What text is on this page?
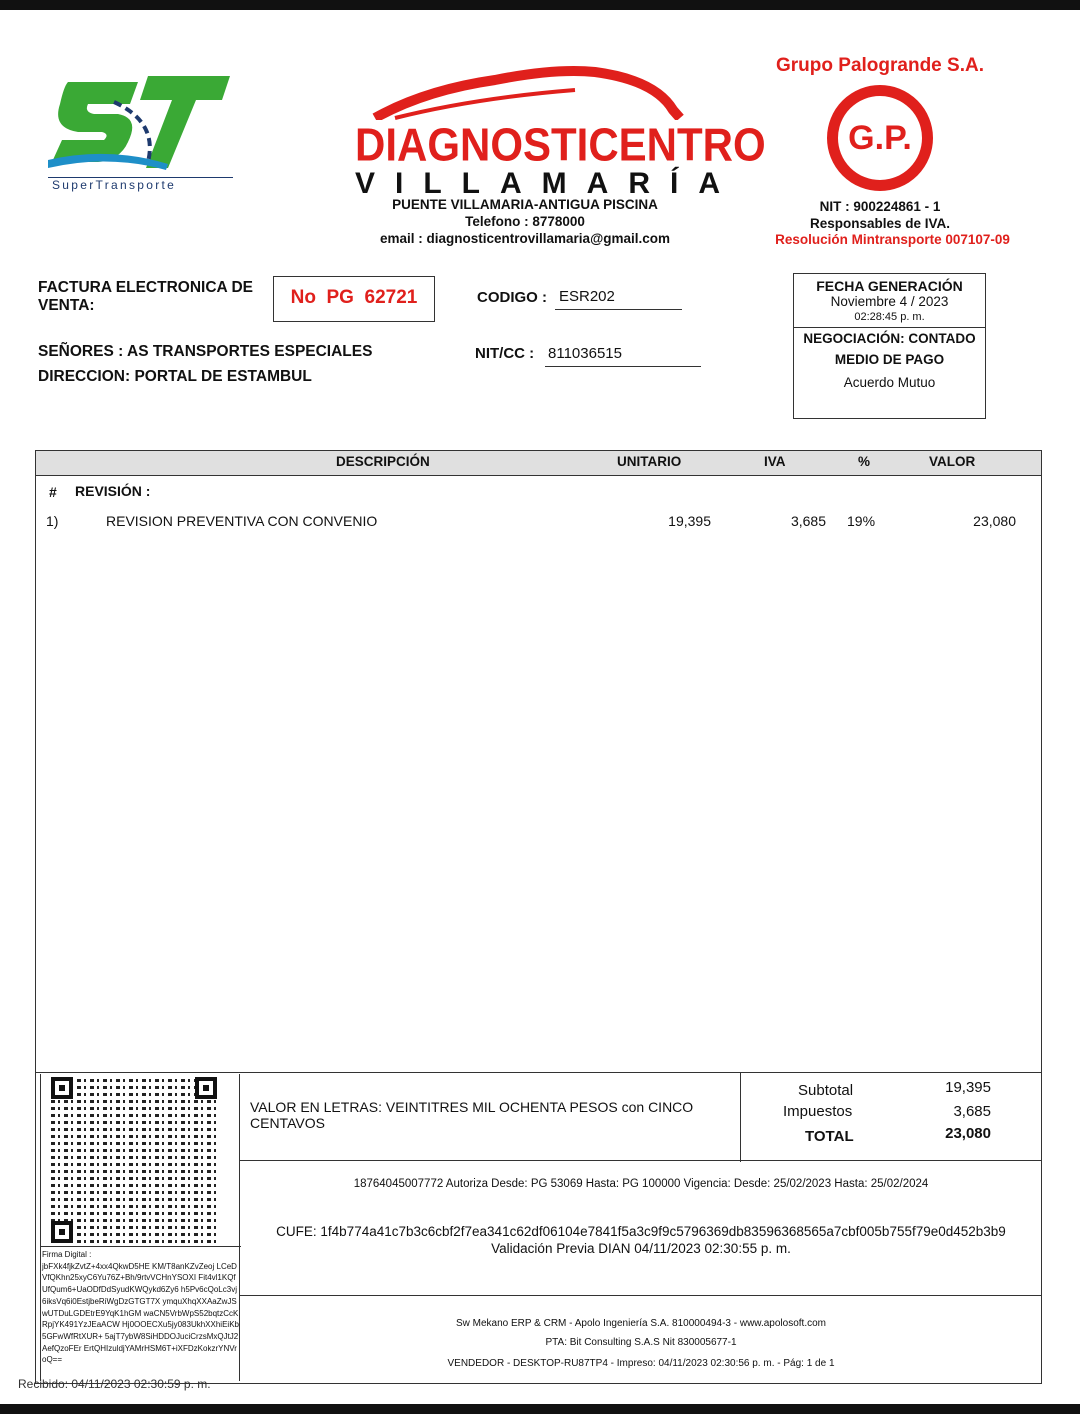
SuperTransporte
DIAGNOSTICENTRO
VILLAMARÍA
PUENTE VILLAMARIA-ANTIGUA PISCINA
Telefono : 8778000
email : diagnosticentrovillamaria@gmail.com
Grupo Palogrande S.A.
G.P.
NIT : 900224861 - 1
Responsables de IVA.
Resolución Mintransporte 007107-09
FACTURA ELECTRONICA DE VENTA:	No  PG  62721	CODIGO : ESR202
SEÑORES : AS TRANSPORTES ESPECIALES
DIRECCION: PORTAL DE ESTAMBUL
NIT/CC : 811036515
FECHA GENERACIÓN
Noviembre 4 / 2023
02:28:45 p. m.
NEGOCIACIÓN: CONTADO
MEDIO DE PAGO
Acuerdo Mutuo
DESCRIPCIÓN	UNITARIO	IVA	%	VALOR
# REVISIÓN :
1)	REVISION PREVENTIVA CON CONVENIO	19,395	3,685 19%	23,080
Firma Digital :
jbFXk4fjkZvtZ+4xx4QkwD5HE KM/T8anKZvZeoj LCeDVfQKhn25xyC6Yu76Z+Bh/9rtvVCHnYSOXI Fit4vl1KQfUfQum6+UaODfDdSyudKWQykd6Zy6 h5Pv6cQoLc3vj6iksVq6i0EstjbeRiWgDzGTGT7X ymquXhqXXAaZwJSwUTDuLGDEtrE9YqK1hGM waCN5VrbWpS52bqtzCcKRpjYK491YzJEaACW Hj0OOECXu5jy083UkhXXhiEiKb5GFwWfRtXUR+ 5ajT7ybW8SiHDDOJuciCrzsMxQJtJ2AefQzoFEr ErtQHIzuldjYAMrHSM6T+iXFDzKokzrYNVroQ==
Recibido: 04/11/2023 02:30:59 p. m.
VALOR EN LETRAS: VEINTITRES MIL OCHENTA PESOS con CINCO CENTAVOS
Subtotal	19,395
Impuestos	3,685
TOTAL	23,080
18764045007772 Autoriza Desde: PG 53069 Hasta: PG 100000 Vigencia: Desde: 25/02/2023 Hasta: 25/02/2024
CUFE: 1f4b774a41c7b3c6cbf2f7ea341c62df06104e7841f5a3c9f9c5796369db83596368565a7cbf005b755f79e0d452b3b9
Validación Previa DIAN 04/11/2023 02:30:55 p. m.
Sw Mekano ERP & CRM - Apolo Ingeniería S.A. 810000494-3 - www.apolosoft.com
PTA: Bit Consulting S.A.S Nit 830005677-1
VENDEDOR - DESKTOP-RU87TP4 - Impreso: 04/11/2023 02:30:56 p. m. - Pág: 1 de 1
